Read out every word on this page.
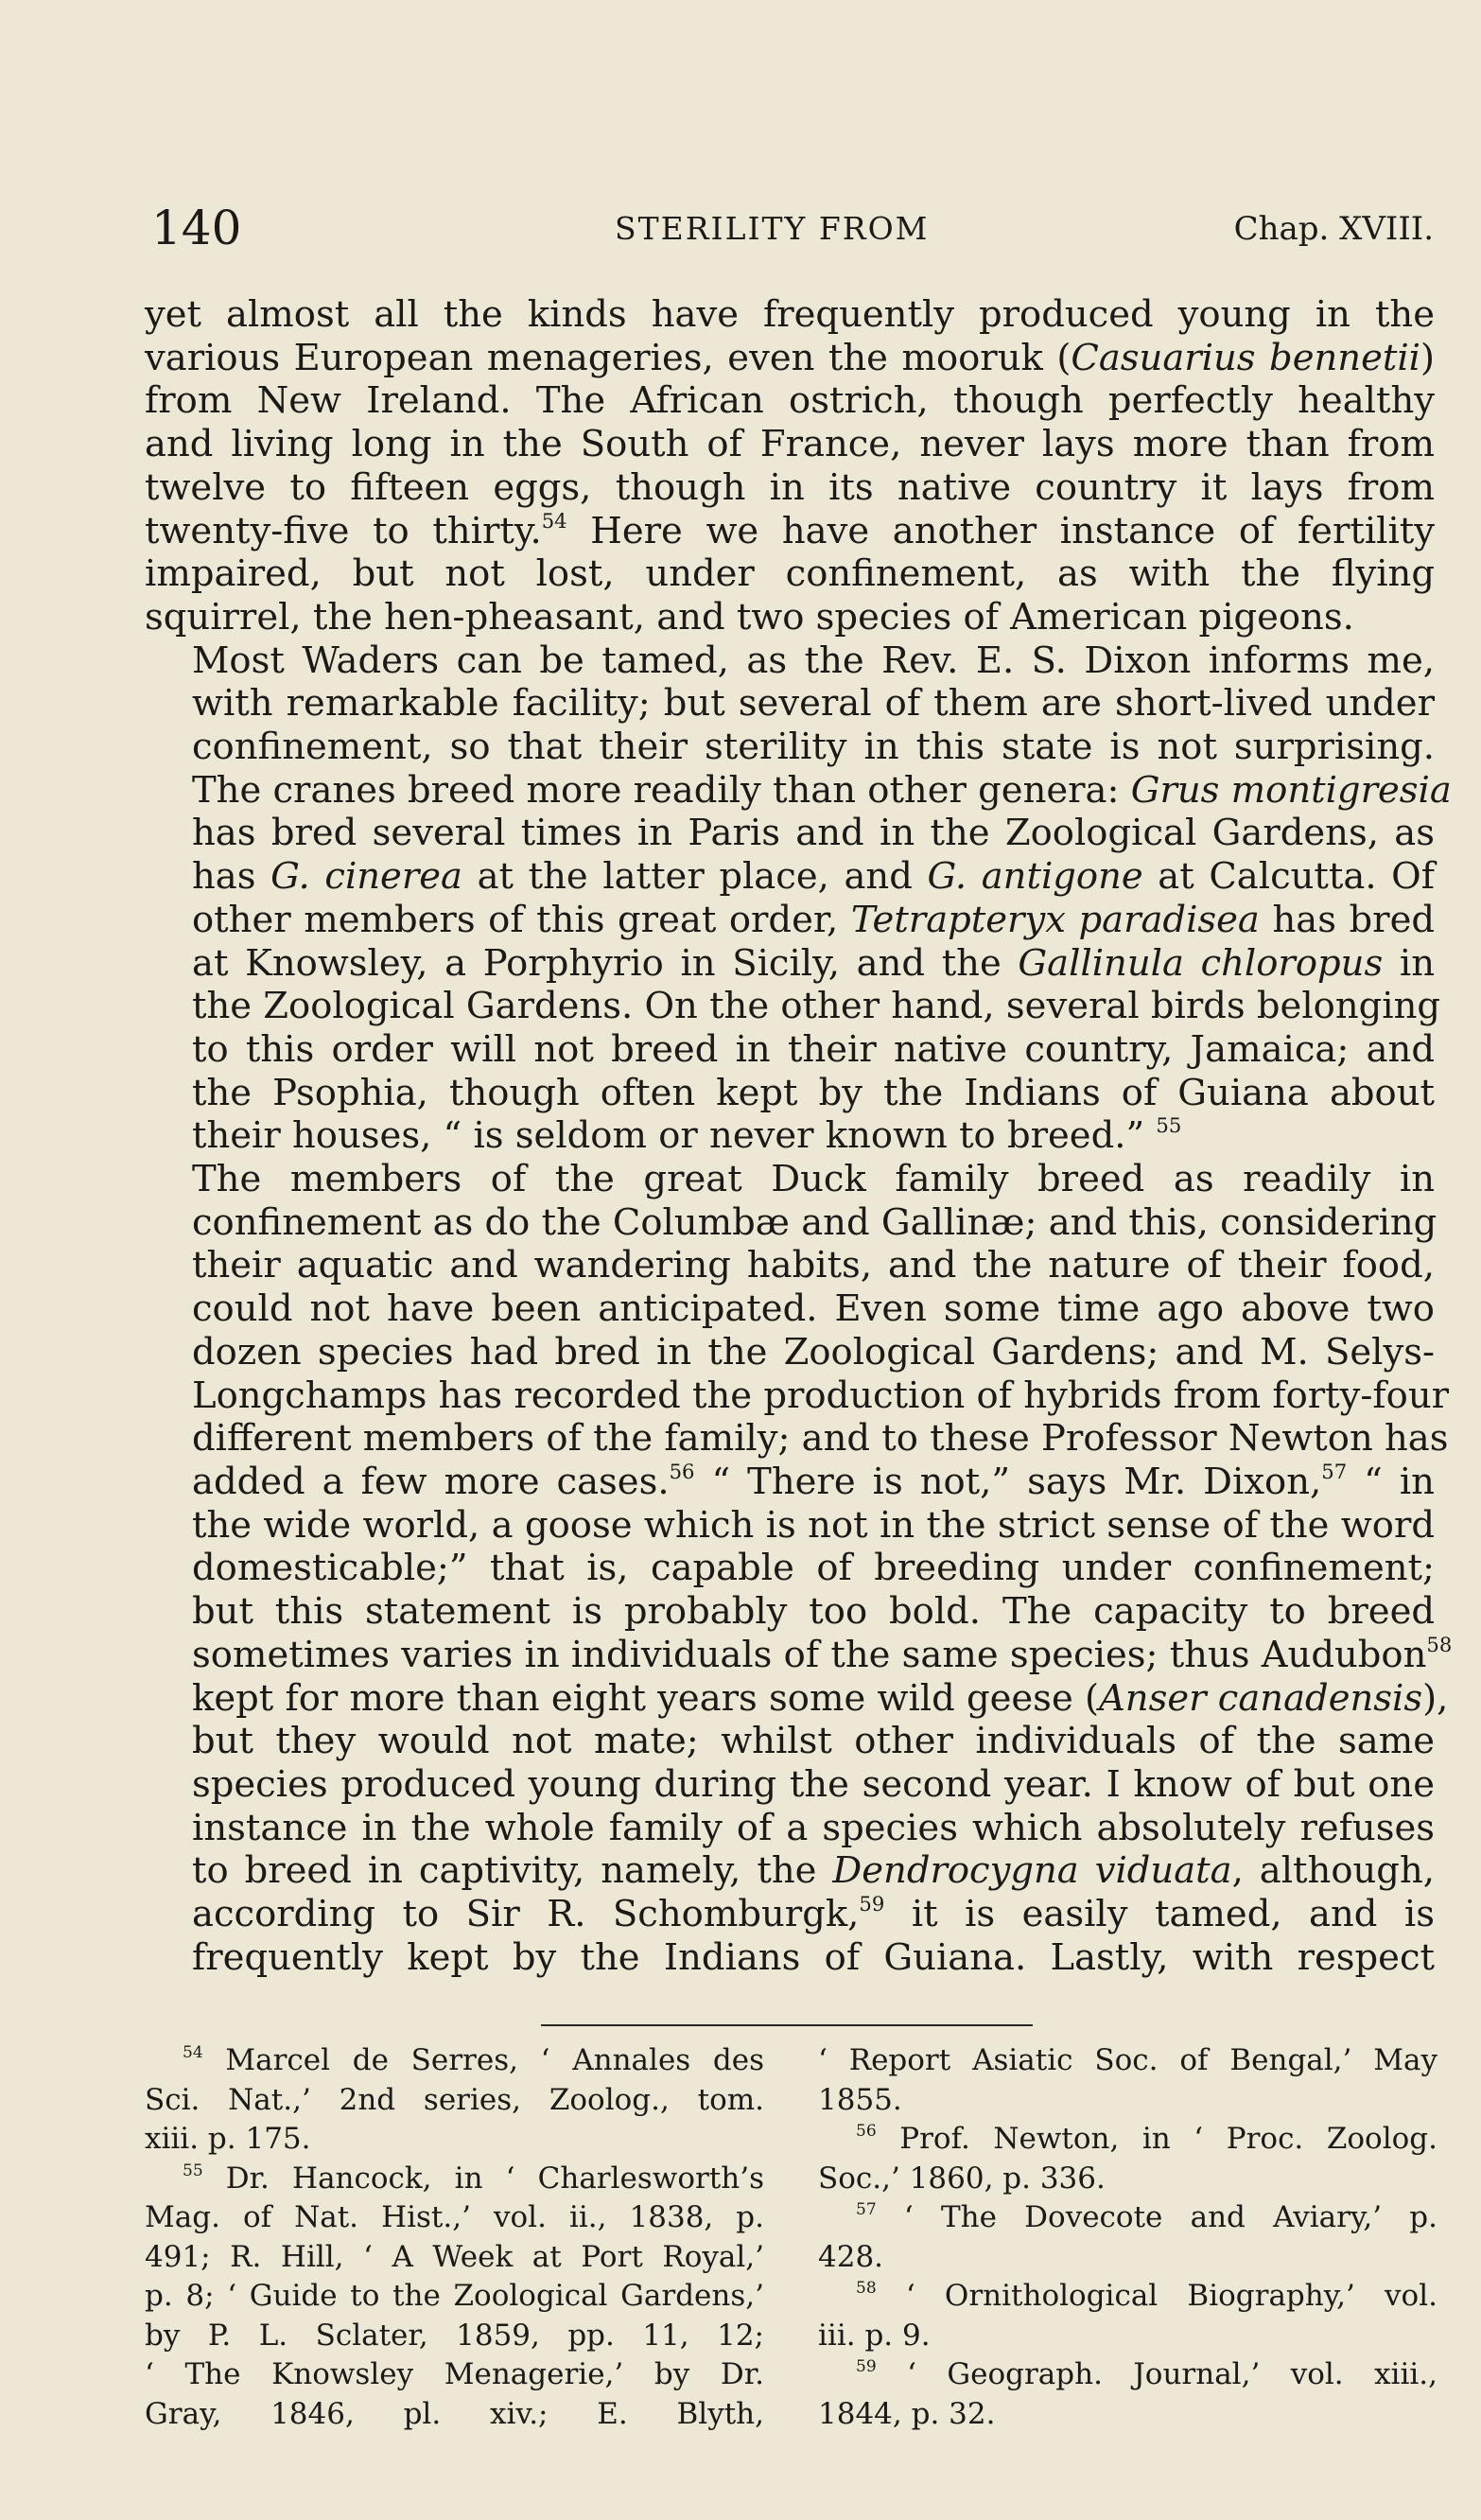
140	STERILITY FROM	Chap. XVIII.

yet almost all the kinds have frequently produced young in the
various European menageries, even the mooruk (Casuarius bennetii)
from New Ireland. The African ostrich, though perfectly healthy
and living long in the South of France, never lays more than from
twelve to fifteen eggs, though in its native country it lays from
twenty-five to thirty.$^{54}$ Here we have another instance of fertility
impaired, but not lost, under confinement, as with the flying
squirrel, the hen-pheasant, and two species of American pigeons.

Most Waders can be tamed, as the Rev. E. S. Dixon informs me,
with remarkable facility; but several of them are short-lived under
confinement, so that their sterility in this state is not surprising.
The cranes breed more readily than other genera: Grus montigresia
has bred several times in Paris and in the Zoological Gardens, as
has G. cinerea at the latter place, and G. antigone at Calcutta. Of
other members of this great order, Tetrapteryx paradisea has bred
at Knowsley, a Porphyrio in Sicily, and the Gallinula chloropus in
the Zoological Gardens. On the other hand, several birds belonging
to this order will not breed in their native country, Jamaica; and
the Psophia, though often kept by the Indians of Guiana about
their houses, “ is seldom or never known to breed.” $^{55}$

The members of the great Duck family breed as readily in
confinement as do the Columbæ and Gallinæ; and this, considering
their aquatic and wandering habits, and the nature of their food,
could not have been anticipated. Even some time ago above two
dozen species had bred in the Zoological Gardens; and M. Selys-
Longchamps has recorded the production of hybrids from forty-four
different members of the family; and to these Professor Newton has
added a few more cases.$^{56}$ “ There is not,” says Mr. Dixon,$^{57}$ “ in
the wide world, a goose which is not in the strict sense of the word
domesticable;” that is, capable of breeding under confinement;
but this statement is probably too bold. The capacity to breed
sometimes varies in individuals of the same species; thus Audubon$^{58}$
kept for more than eight years some wild geese (Anser canadensis),
but they would not mate; whilst other individuals of the same
species produced young during the second year. I know of but one
instance in the whole family of a species which absolutely refuses
to breed in captivity, namely, the Dendrocygna viduata, although,
according to Sir R. Schomburgk,$^{59}$ it is easily tamed, and is
frequently kept by the Indians of Guiana. Lastly, with respect

$^{54}$ Marcel de Serres, ‘ Annales des
Sci. Nat.,’ 2nd series, Zoolog., tom.
xiii. p. 175.
$^{55}$ Dr. Hancock, in ‘ Charlesworth’s
Mag. of Nat. Hist.,’ vol. ii., 1838, p.
491; R. Hill, ‘ A Week at Port Royal,’
p. 8; ‘ Guide to the Zoological Gardens,’
by P. L. Sclater, 1859, pp. 11, 12;
‘ The Knowsley Menagerie,’ by Dr.
Gray, 1846, pl. xiv.; E. Blyth,
‘ Report Asiatic Soc. of Bengal,’ May
1855.
$^{56}$ Prof. Newton, in ‘ Proc. Zoolog.
Soc.,’ 1860, p. 336.
$^{57}$ ‘ The Dovecote and Aviary,’ p.
428.
$^{58}$ ‘ Ornithological Biography,’ vol.
iii. p. 9.
$^{59}$ ‘ Geograph. Journal,’ vol. xiii.,
1844, p. 32.
